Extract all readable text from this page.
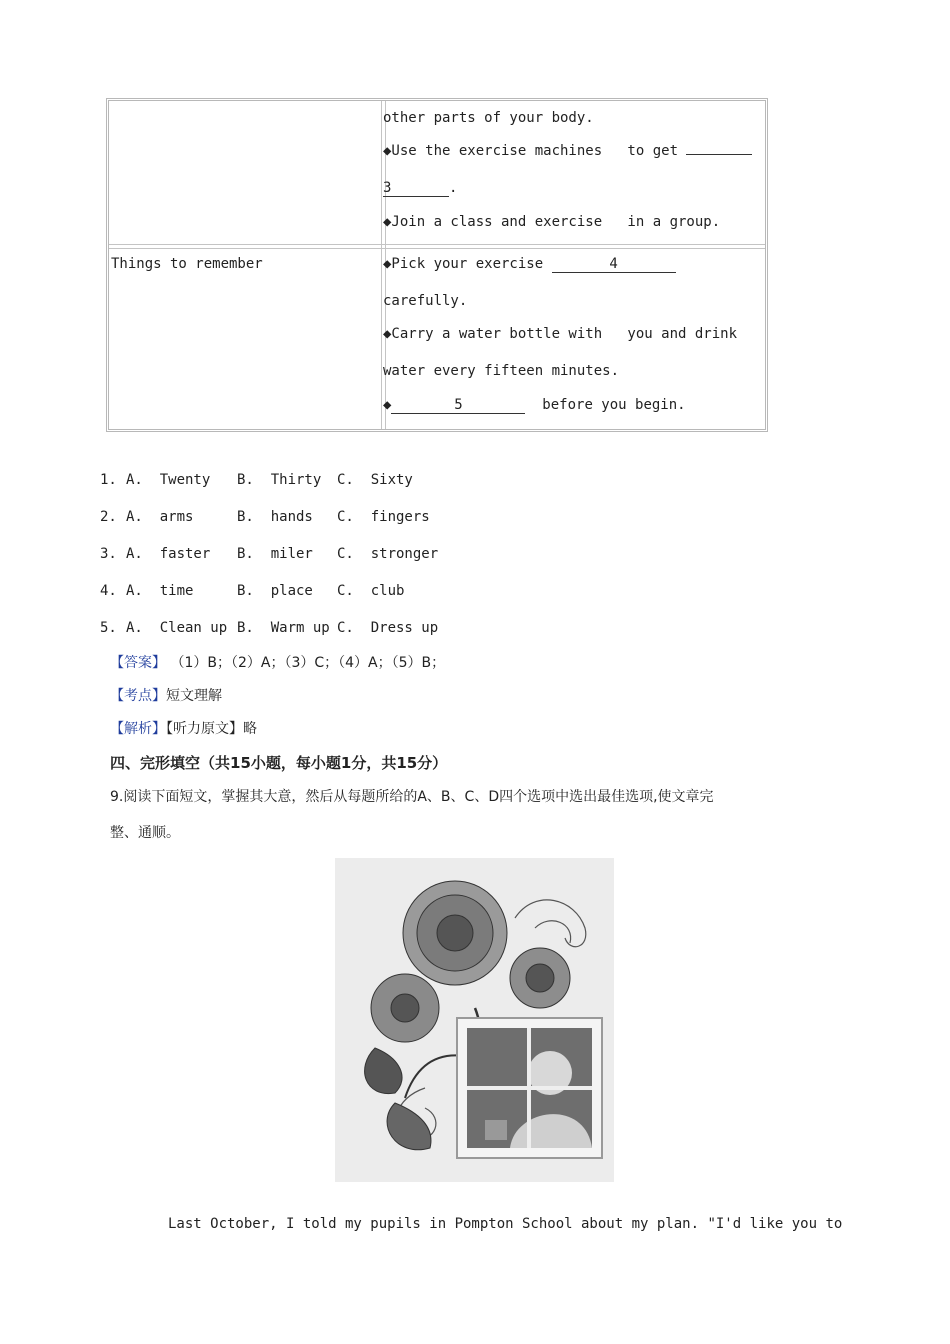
other parts of your body.
◆Use the exercise machines   to get
3	.
◆Join a class and exercise   in a group.
Things to remember	◆Pick your exercise	4
carefully.
◆Carry a water bottle with   you and drink
water every fifteen minutes.
◆	5	before you begin.
1. A.  Twenty B.  Thirty C.  Sixty
2. A.  arms	B.  hands C.  fingers
3. A.  faster B.  miler C.  stronger
4. A.  time	B.  place C.  club
5. A.  Clean up B.  Warm up C.  Dress up
【答案】 （1）B；（2）A；（3）C；（4）A；（5）B；
【考点】短文理解
【解析】【听力原文】略
四、完形填空（共15小题，每小题1分，共15分）
9.阅读下面短文，掌握其大意，然后从每题所给的A、B、C、D四个选项中选出最佳选项,使文章完
整、通顺。
Last October, I told my pupils in Pompton School about my plan. "I'd like you to
